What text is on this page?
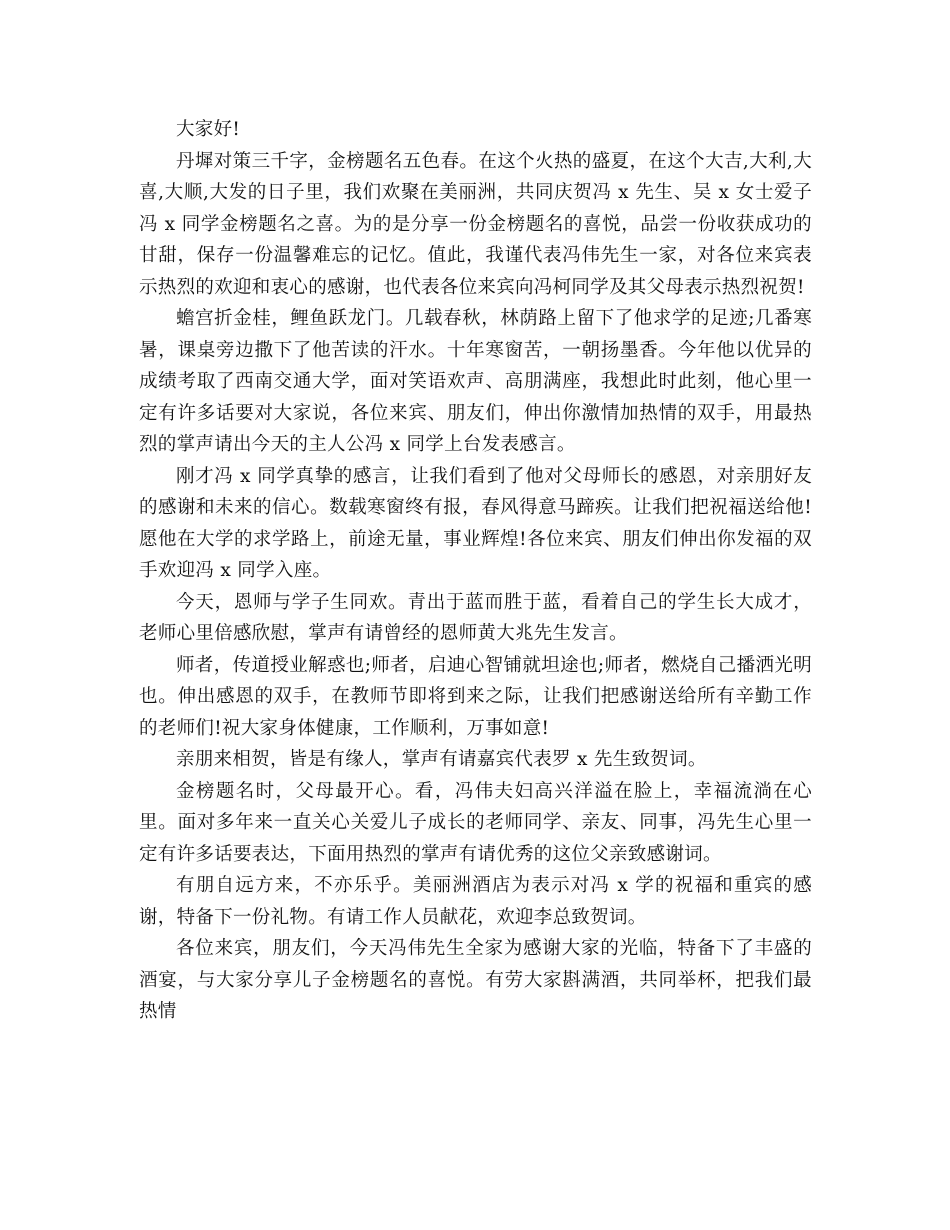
大家好!

丹墀对策三千字，金榜题名五色春。在这个火热的盛夏，在这个大吉,大利,大喜,大顺,大发的日子里，我们欢聚在美丽洲，共同庆贺冯 x 先生、吴 x 女士爱子冯 x 同学金榜题名之喜。为的是分享一份金榜题名的喜悦，品尝一份收获成功的甘甜，保存一份温馨难忘的记忆。值此，我谨代表冯伟先生一家，对各位来宾表示热烈的欢迎和衷心的感谢，也代表各位来宾向冯柯同学及其父母表示热烈祝贺!

蟾宫折金桂，鲤鱼跃龙门。几载春秋，林荫路上留下了他求学的足迹;几番寒暑，课桌旁边撒下了他苦读的汗水。十年寒窗苦，一朝扬墨香。今年他以优异的成绩考取了西南交通大学，面对笑语欢声、高朋满座，我想此时此刻，他心里一定有许多话要对大家说，各位来宾、朋友们，伸出你激情加热情的双手，用最热烈的掌声请出今天的主人公冯 x 同学上台发表感言。

刚才冯 x 同学真挚的感言，让我们看到了他对父母师长的感恩，对亲朋好友的感谢和未来的信心。数载寒窗终有报，春风得意马蹄疾。让我们把祝福送给他!愿他在大学的求学路上，前途无量，事业辉煌!各位来宾、朋友们伸出你发福的双手欢迎冯 x 同学入座。

今天，恩师与学子生同欢。青出于蓝而胜于蓝，看着自己的学生长大成才，老师心里倍感欣慰，掌声有请曾经的恩师黄大兆先生发言。

师者，传道授业解惑也;师者，启迪心智铺就坦途也;师者，燃烧自己播洒光明也。伸出感恩的双手，在教师节即将到来之际，让我们把感谢送给所有辛勤工作的老师们!祝大家身体健康，工作顺利，万事如意!

亲朋来相贺，皆是有缘人，掌声有请嘉宾代表罗 x 先生致贺词。

金榜题名时，父母最开心。看，冯伟夫妇高兴洋溢在脸上，幸福流淌在心里。面对多年来一直关心关爱儿子成长的老师同学、亲友、同事，冯先生心里一定有许多话要表达，下面用热烈的掌声有请优秀的这位父亲致感谢词。

有朋自远方来，不亦乐乎。美丽洲酒店为表示对冯 x 学的祝福和重宾的感谢，特备下一份礼物。有请工作人员献花，欢迎李总致贺词。

各位来宾，朋友们，今天冯伟先生全家为感谢大家的光临，特备下了丰盛的酒宴，与大家分享儿子金榜题名的喜悦。有劳大家斟满酒，共同举杯，把我们最热情
